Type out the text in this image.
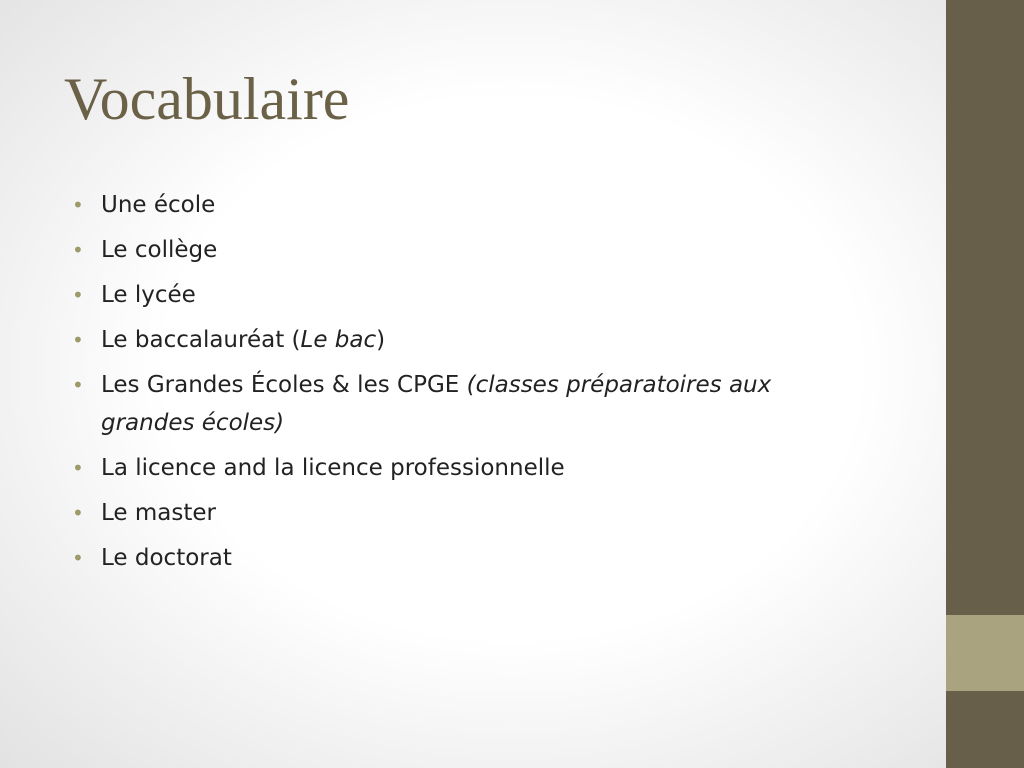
Vocabulaire
• Une école
• Le collège
• Le lycée
• Le baccalauréat (Le bac)
• Les Grandes Écoles & les CPGE (classes préparatoires aux grandes écoles)
• La licence and la licence professionnelle
• Le master
• Le doctorat
